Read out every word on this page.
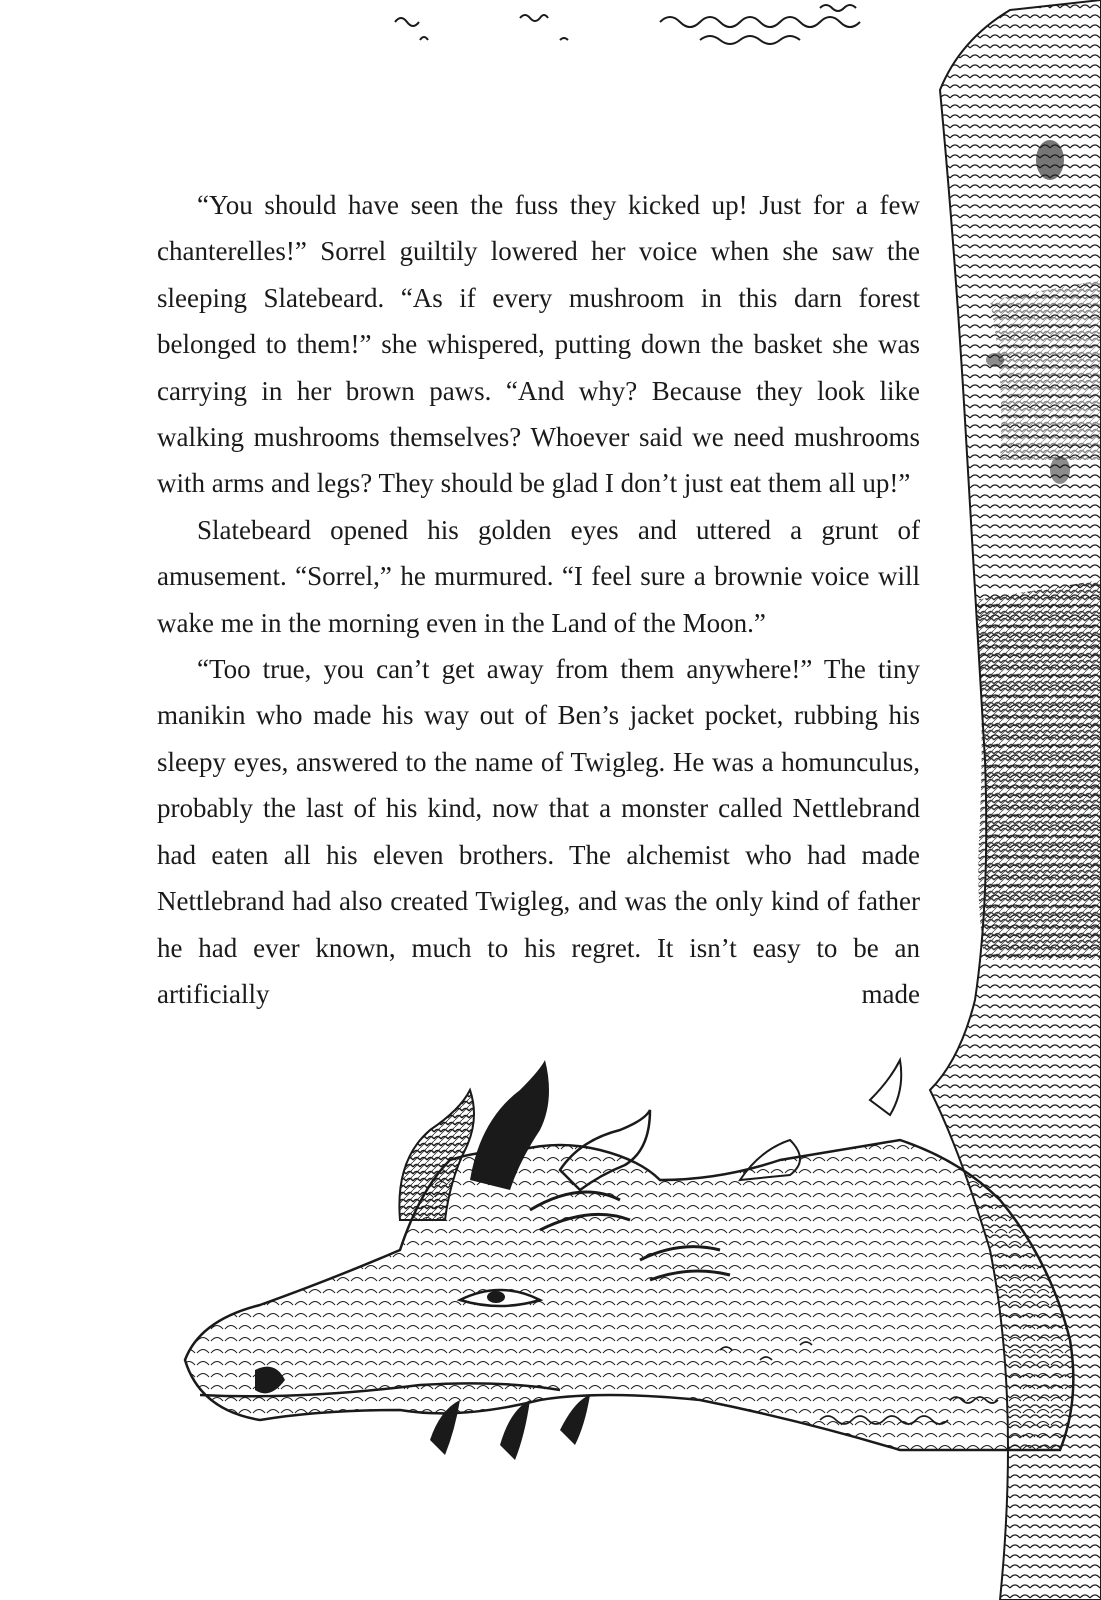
“You should have seen the fuss they kicked up! Just for a few chanterelles!” Sorrel guiltily lowered her voice when she saw the sleeping Slatebeard. “As if every mushroom in this darn forest belonged to them!” she whispered, putting down the basket she was carrying in her brown paws. “And why? Because they look like walking mushrooms themselves? Whoever said we need mushrooms with arms and legs? They should be glad I don’t just eat them all up!”

Slatebeard opened his golden eyes and uttered a grunt of amusement. “Sorrel,” he murmured. “I feel sure a brownie voice will wake me in the morning even in the Land of the Moon.”

“Too true, you can’t get away from them anywhere!” The tiny manikin who made his way out of Ben’s jacket pocket, rubbing his sleepy eyes, answered to the name of Twigleg. He was a homunculus, probably the last of his kind, now that a monster called Nettlebrand had eaten all his eleven brothers. The alchemist who had made Nettlebrand had also created Twigleg, and was the only kind of father he had ever known, much to his regret. It isn’t easy to be an artificially made
